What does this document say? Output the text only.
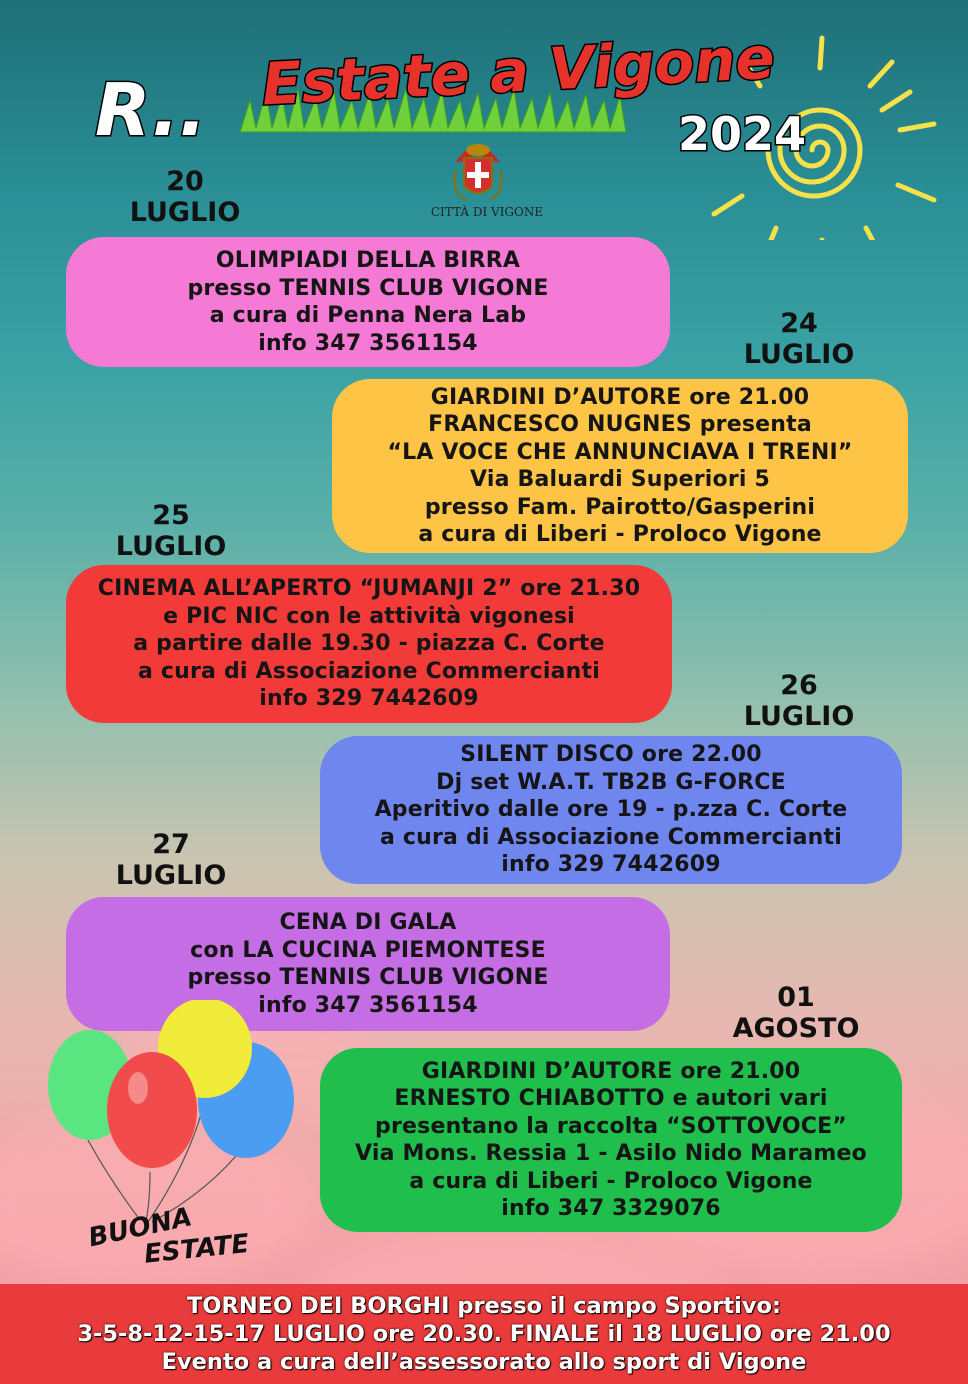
R.. Estate a Vigone
2024
CITTÀ DI VIGONE
20
LUGLIO
OLIMPIADI DELLA BIRRA
presso TENNIS CLUB VIGONE
a cura di Penna Nera Lab
info 347 3561154
24
LUGLIO
GIARDINI D’AUTORE ore 21.00
FRANCESCO NUGNES presenta
“LA VOCE CHE ANNUNCIAVA I TRENI”
Via Baluardi Superiori 5
presso Fam. Pairotto/Gasperini
a cura di Liberi - Proloco Vigone
25
LUGLIO
CINEMA ALL’APERTO “JUMANJI 2” ore 21.30
e PIC NIC con le attività vigonesi
a partire dalle 19.30 - piazza C. Corte
a cura di Associazione Commercianti
info 329 7442609	26
LUGLIO
SILENT DISCO ore 22.00
Dj set W.A.T. TB2B G-FORCE
Aperitivo dalle ore 19 - p.zza C. Corte
a cura di Associazione Commercianti
info 329 7442609
27
LUGLIO
CENA DI GALA
con LA CUCINA PIEMONTESE
presso TENNIS CLUB VIGONE
info 347 3561154	01
AGOSTO
GIARDINI D’AUTORE ore 21.00
ERNESTO CHIABOTTO e autori vari
presentano la raccolta “SOTTOVOCE”
Via Mons. Ressia 1 - Asilo Nido Marameo
a cura di Liberi - Proloco Vigone
info 347 3329076
BUONA
ESTATE
TORNEO DEI BORGHI presso il campo Sportivo:
3-5-8-12-15-17 LUGLIO ore 20.30. FINALE il 18 LUGLIO ore 21.00
Evento a cura dell’assessorato allo sport di Vigone
